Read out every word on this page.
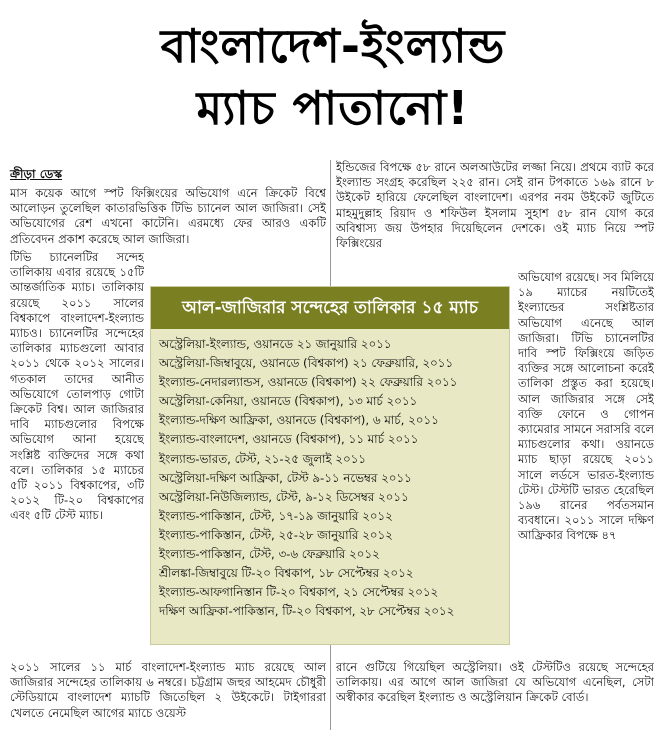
বাংলাদেশ-ইংল্যান্ড
ম্যাচ পাতানো!
ক্রীড়া ডেস্ক

মাস কয়েক আগে স্পট ফিক্সিংয়ের অভিযোগ এনে ক্রিকেট বিশ্বে আলোড়ন তুলেছিল কাতারভিত্তিক টিভি চ্যানেল আল জাজিরা। সেই অভিযোগের রেশ এখনো কাটেনি। এরমধ্যে ফের আরও একটি প্রতিবেদন প্রকাশ করেছে আল জাজিরা।

টিভি চ্যানেলটির সন্দেহ তালিকায় এবার রয়েছে ১৫টি আন্তর্জাতিক ম্যাচ। তালিকায় রয়েছে ২০১১ সালের বিশ্বকাপে বাংলাদেশ-ইংল্যান্ড ম্যাচও। চ্যানেলটির সন্দেহের তালিকার ম্যাচগুলো আবার ২০১১ থেকে ২০১২ সালের। গতকাল তাদের আনীত অভিযোগে তোলপাড় গোটা ক্রিকেট বিশ্ব। আল জাজিরার দাবি ম্যাচগুলোর বিপক্ষে অভিযোগ আনা হয়েছে সংশ্লিষ্ট ব্যক্তিদের সঙ্গে কথা বলে। তালিকার ১৫ ম্যাচের ৫টি ২০১১ বিশ্বকাপের, ৩টি ২০১২ টি-২০ বিশ্বকাপের এবং ৫টি টেস্ট ম্যাচ।

২০১১ সালের ১১ মার্চ বাংলাদেশ-ইংল্যান্ড ম্যাচ রয়েছে আল জাজিরার সন্দেহের তালিকায় ৬ নম্বরে। চট্টগ্রাম জহুর আহমেদ চৌধুরী স্টেডিয়ামে বাংলাদেশ ম্যাচটি জিতেছিল ২ উইকেটে। টাইগাররা খেলতে নেমেছিল আগের ম্যাচে ওয়েস্ট

ইন্ডিজের বিপক্ষে ৫৮ রানে অলআউটের লজ্জা নিয়ে। প্রথমে ব্যাট করে ইংল্যান্ড সংগ্রহ করেছিল ২২৫ রান। সেই রান টপকাতে ১৬৯ রানে ৮ উইকেট হারিয়ে ফেলেছিল বাংলাদেশ। এরপর নবম উইকেট জুটিতে মাহমুদুল্লাহ রিয়াদ ও শফিউল ইসলাম সুহাশ ৫৮ রান যোগ করে অবিশ্বাস্য জয় উপহার দিয়েছিলেন দেশকে। ওই ম্যাচ নিয়ে স্পট ফিক্সিংয়ের

অভিযোগ রয়েছে। সব মিলিয়ে ১৯ ম্যাচের নয়টিতেই ইংল্যান্ডের সংশ্লিষ্টতার অভিযোগ এনেছে আল জাজিরা। টিভি চ্যানেলটির দাবি স্পট ফিক্সিংয়ে জড়িত ব্যক্তির সঙ্গে আলোচনা করেই তালিকা প্রস্তুত করা হয়েছে। আল জাজিরার সঙ্গে সেই ব্যক্তি ফোনে ও গোপন ক্যামেরার সামনে সরাসরি বলে ম্যাচগুলোর কথা। ওয়ানডে ম্যাচ ছাড়া রয়েছে ২০১১ সালে লর্ডসে ভারত-ইংল্যান্ড টেস্ট। টেস্টটি ভারত হেরেছিল ১৯৬ রানের পর্বতসমান ব্যবধানে। ২০১১ সালে দক্ষিণ আফ্রিকার বিপক্ষে ৪৭

রানে গুটিয়ে গিয়েছিল অস্ট্রেলিয়া। ওই টেস্টটিও রয়েছে সন্দেহের তালিকায়। এর আগে আল জাজিরা যে অভিযোগ এনেছিল, সেটা অস্বীকার করেছিল ইংল্যান্ড ও অস্ট্রেলিয়ান ক্রিকেট বোর্ড।

আল-জাজিরার সন্দেহের তালিকার ১৫ ম্যাচ
অস্ট্রেলিয়া-ইংল্যান্ড, ওয়ানডে ২১ জানুয়ারি ২০১১
অস্ট্রেলিয়া-জিম্বাবুয়ে, ওয়ানডে (বিশ্বকাপ) ২১ ফেব্রুয়ারি, ২০১১
ইংল্যান্ড-নেদারল্যান্ডস, ওয়ানডে (বিশ্বকাপ) ২২ ফেব্রুয়ারি ২০১১
অস্ট্রেলিয়া-কেনিয়া, ওয়ানডে (বিশ্বকাপ), ১৩ মার্চ ২০১১
ইংল্যান্ড-দক্ষিণ আফ্রিকা, ওয়ানডে (বিশ্বকাপ), ৬ মার্চ, ২০১১
ইংল্যান্ড-বাংলাদেশ, ওয়ানডে (বিশ্বকাপ), ১১ মার্চ ২০১১
ইংল্যান্ড-ভারত, টেস্ট, ২১-২৫ জুলাই ২০১১
অস্ট্রেলিয়া-দক্ষিণ আফ্রিকা, টেস্ট ৯-১১ নভেম্বর ২০১১
অস্ট্রেলিয়া-নিউজিল্যান্ড, টেস্ট, ৯-১২ ডিসেম্বর ২০১১
ইংল্যান্ড-পাকিস্তান, টেস্ট, ১৭-১৯ জানুয়ারি ২০১২
ইংল্যান্ড-পাকিস্তান, টেস্ট, ২৫-২৮ জানুয়ারি ২০১২
ইংল্যান্ড-পাকিস্তান, টেস্ট, ৩-৬ ফেব্রুয়ারি ২০১২
শ্রীলঙ্কা-জিম্বাবুয়ে টি-২০ বিশ্বকাপ, ১৮ সেপ্টেম্বর ২০১২
ইংল্যান্ড-আফগানিস্তান টি-২০ বিশ্বকাপ, ২১ সেপ্টেম্বর ২০১২
দক্ষিণ আফ্রিকা-পাকিস্তান, টি-২০ বিশ্বকাপ, ২৮ সেপ্টেম্বর ২০১২
